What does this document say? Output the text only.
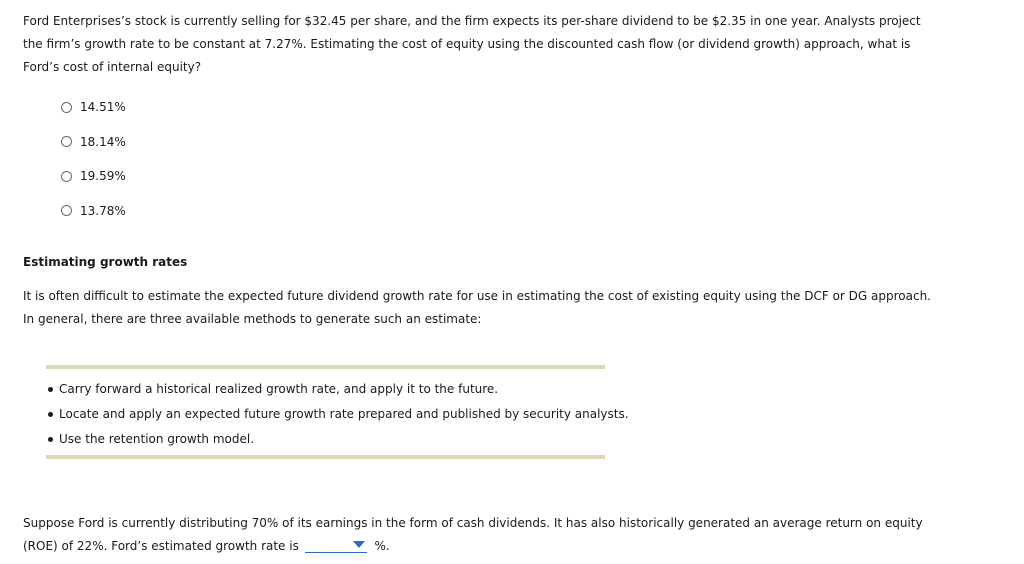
Ford Enterprises’s stock is currently selling for $32.45 per share, and the firm expects its per-share dividend to be $2.35 in one year. Analysts project
the firm’s growth rate to be constant at 7.27%. Estimating the cost of equity using the discounted cash flow (or dividend growth) approach, what is
Ford’s cost of internal equity?

14.51%
18.14%
19.59%
13.78%
Estimating growth rates

It is often difficult to estimate the expected future dividend growth rate for use in estimating the cost of existing equity using the DCF or DG approach.
In general, there are three available methods to generate such an estimate:

Carry forward a historical realized growth rate, and apply it to the future.
Locate and apply an expected future growth rate prepared and published by security analysts.
Use the retention growth model.

Suppose Ford is currently distributing 70% of its earnings in the form of cash dividends. It has also historically generated an average return on equity
(ROE) of 22%. Ford’s estimated growth rate is	%.
